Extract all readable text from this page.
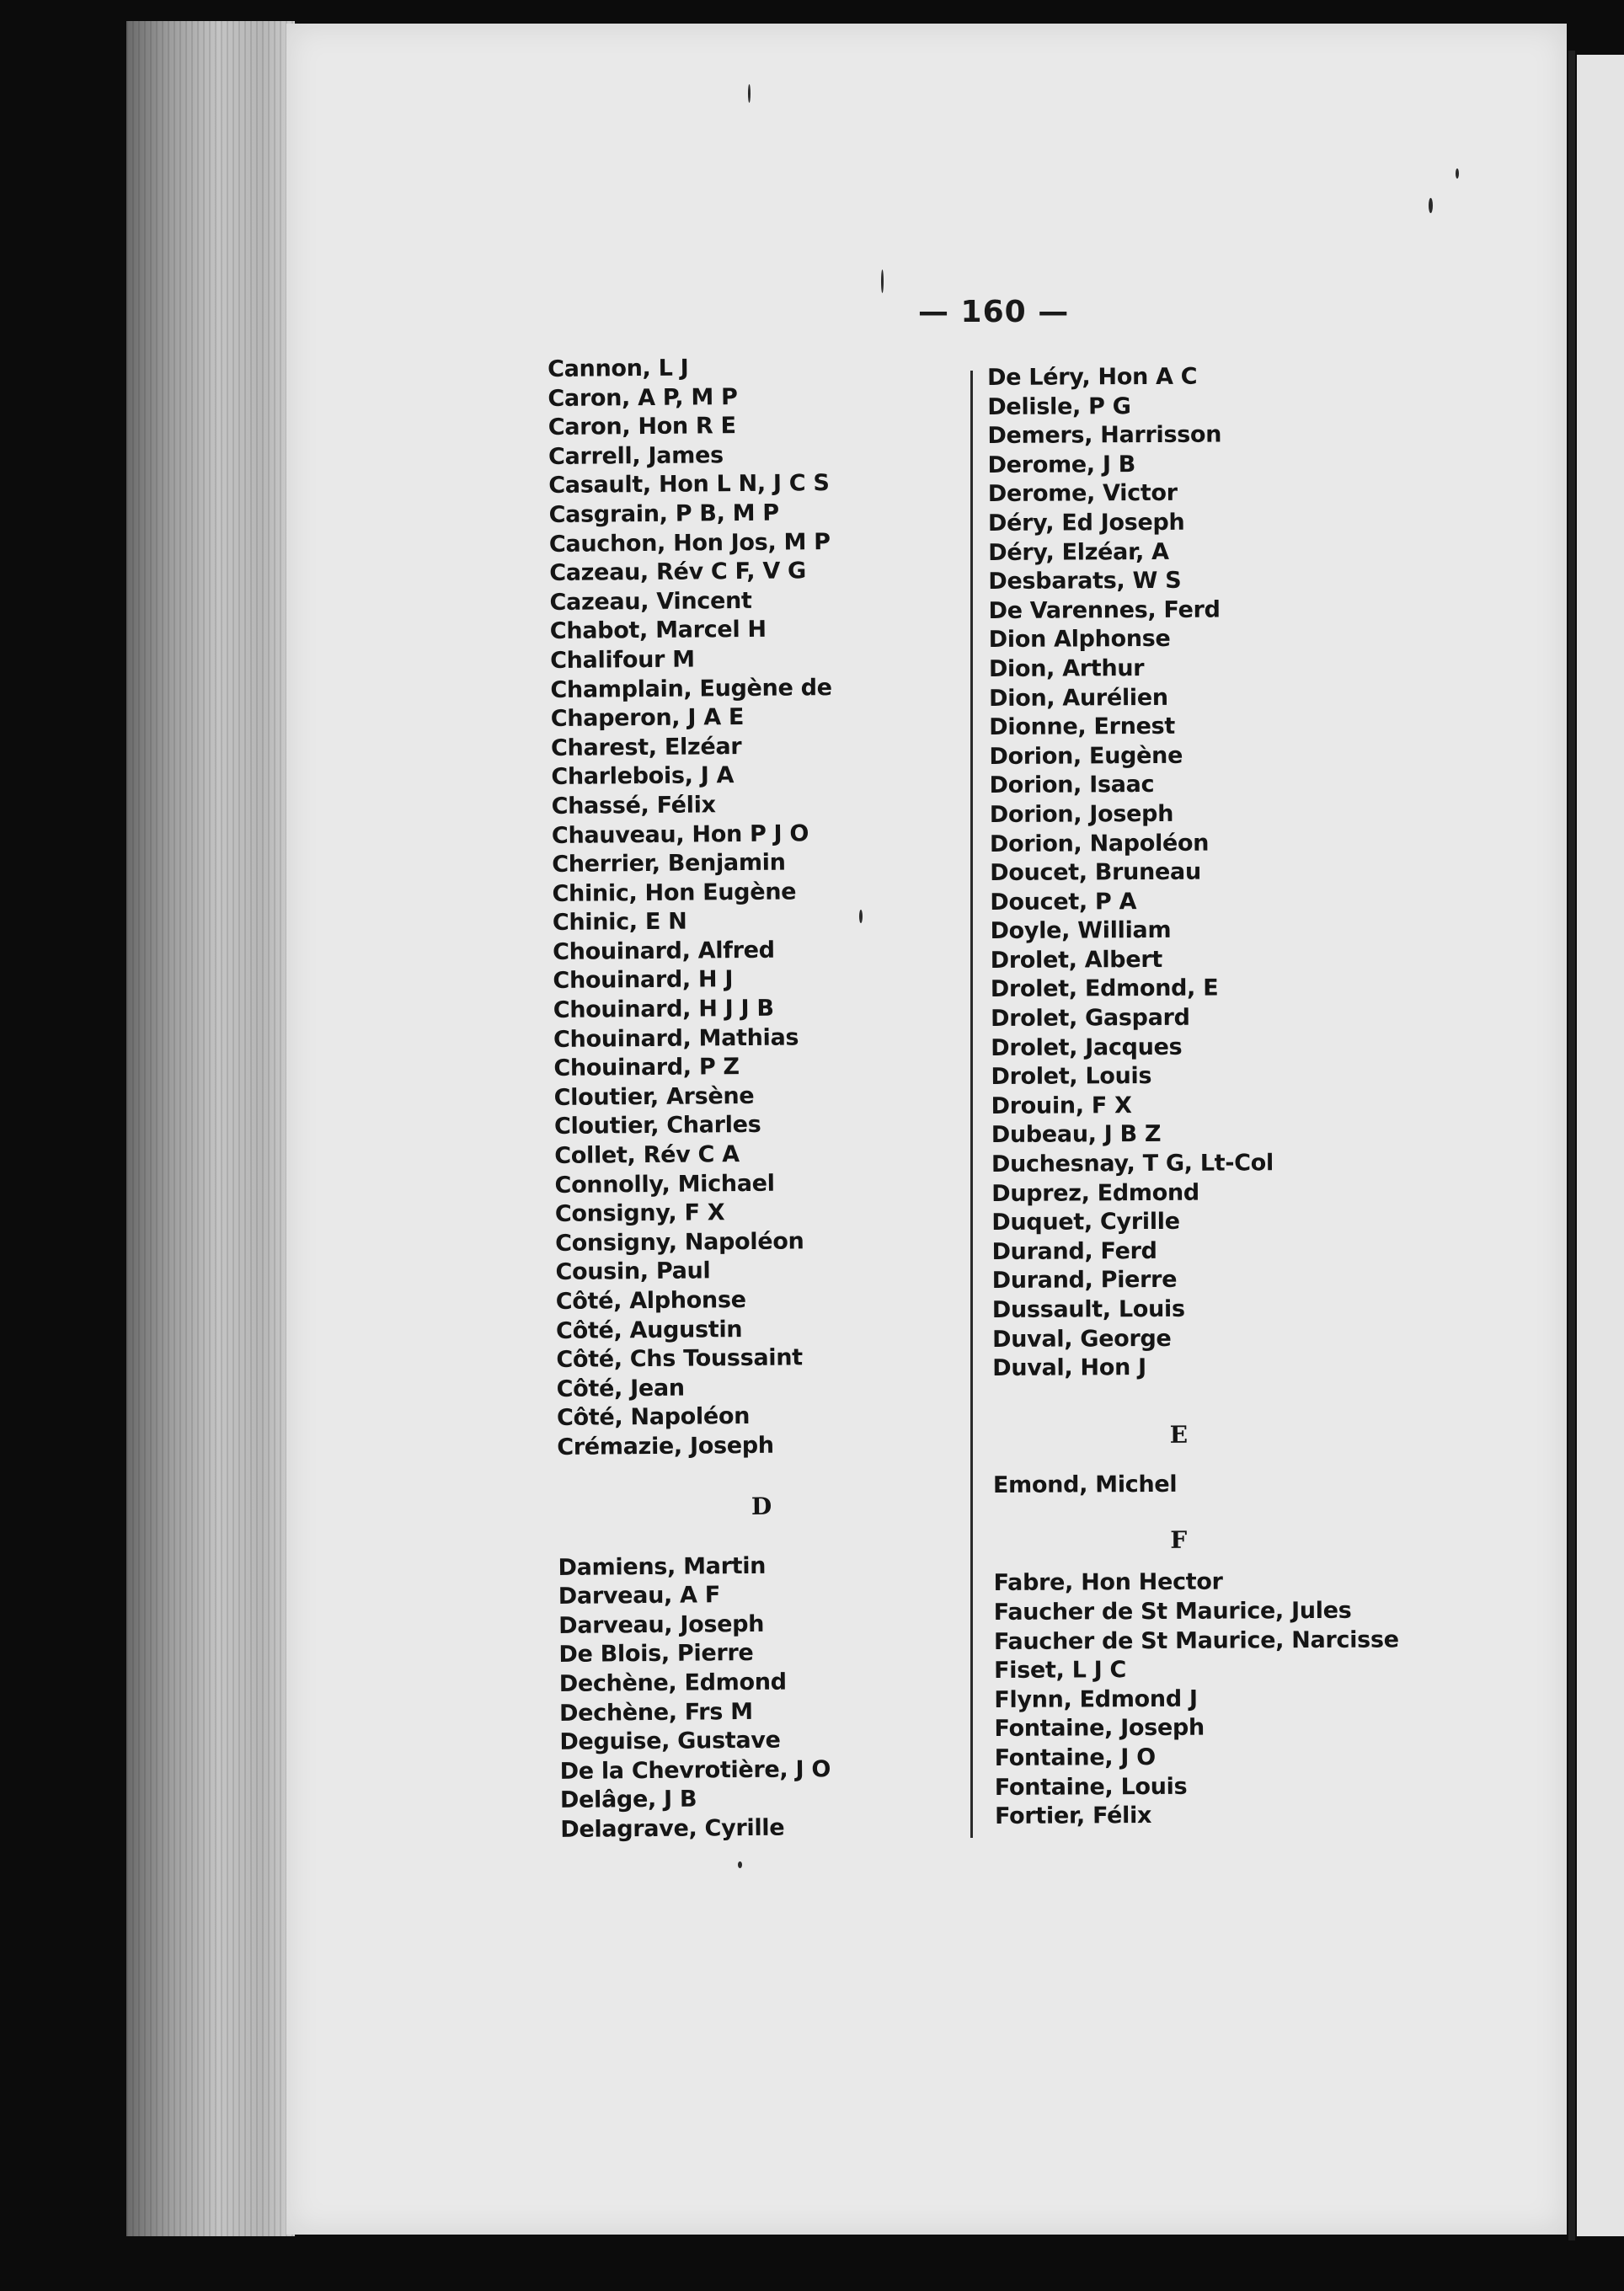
— 160 —
Cannon, L J
Caron, A P, M P
Caron, Hon R E
Carrell, James
Casault, Hon L N, J C S
Casgrain, P B, M P
Cauchon, Hon Jos, M P
Cazeau, Rév C F, V G
Cazeau, Vincent
Chabot, Marcel H
Chalifour M
Champlain, Eugène de
Chaperon, J A E
Charest, Elzéar
Charlebois, J A
Chassé, Félix
Chauveau, Hon P J O
Cherrier, Benjamin
Chinic, Hon Eugène
Chinic, E N
Chouinard, Alfred
Chouinard, H J
Chouinard, H J J B
Chouinard, Mathias
Chouinard, P Z
Cloutier, Arsène
Cloutier, Charles
Collet, Rév C A
Connolly, Michael
Consigny, F X
Consigny, Napoléon
Cousin, Paul
Côté, Alphonse
Côté, Augustin
Côté, Chs Toussaint
Côté, Jean
Côté, Napoléon
Crémazie, Joseph
D
Damiens, Martin
Darveau, A F
Darveau, Joseph
De Blois, Pierre
Dechène, Edmond
Dechène, Frs M
Deguise, Gustave
De la Chevrotière, J O
Delâge, J B
Delagrave, Cyrille
De Léry, Hon A C
Delisle, P G
Demers, Harrisson
Derome, J B
Derome, Victor
Déry, Ed Joseph
Déry, Elzéar, A
Desbarats, W S
De Varennes, Ferd
Dion Alphonse
Dion, Arthur
Dion, Aurélien
Dionne, Ernest
Dorion, Eugène
Dorion, Isaac
Dorion, Joseph
Dorion, Napoléon
Doucet, Bruneau
Doucet, P A
Doyle, William
Drolet, Albert
Drolet, Edmond, E
Drolet, Gaspard
Drolet, Jacques
Drolet, Louis
Drouin, F X
Dubeau, J B Z
Duchesnay, T G, Lt-Col
Duprez, Edmond
Duquet, Cyrille
Durand, Ferd
Durand, Pierre
Dussault, Louis
Duval, George
Duval, Hon J
E
Emond, Michel
F
Fabre, Hon Hector
Faucher de St Maurice, Jules
Faucher de St Maurice, Narcisse
Fiset, L J C
Flynn, Edmond J
Fontaine, Joseph
Fontaine, J O
Fontaine, Louis
Fortier, Félix
